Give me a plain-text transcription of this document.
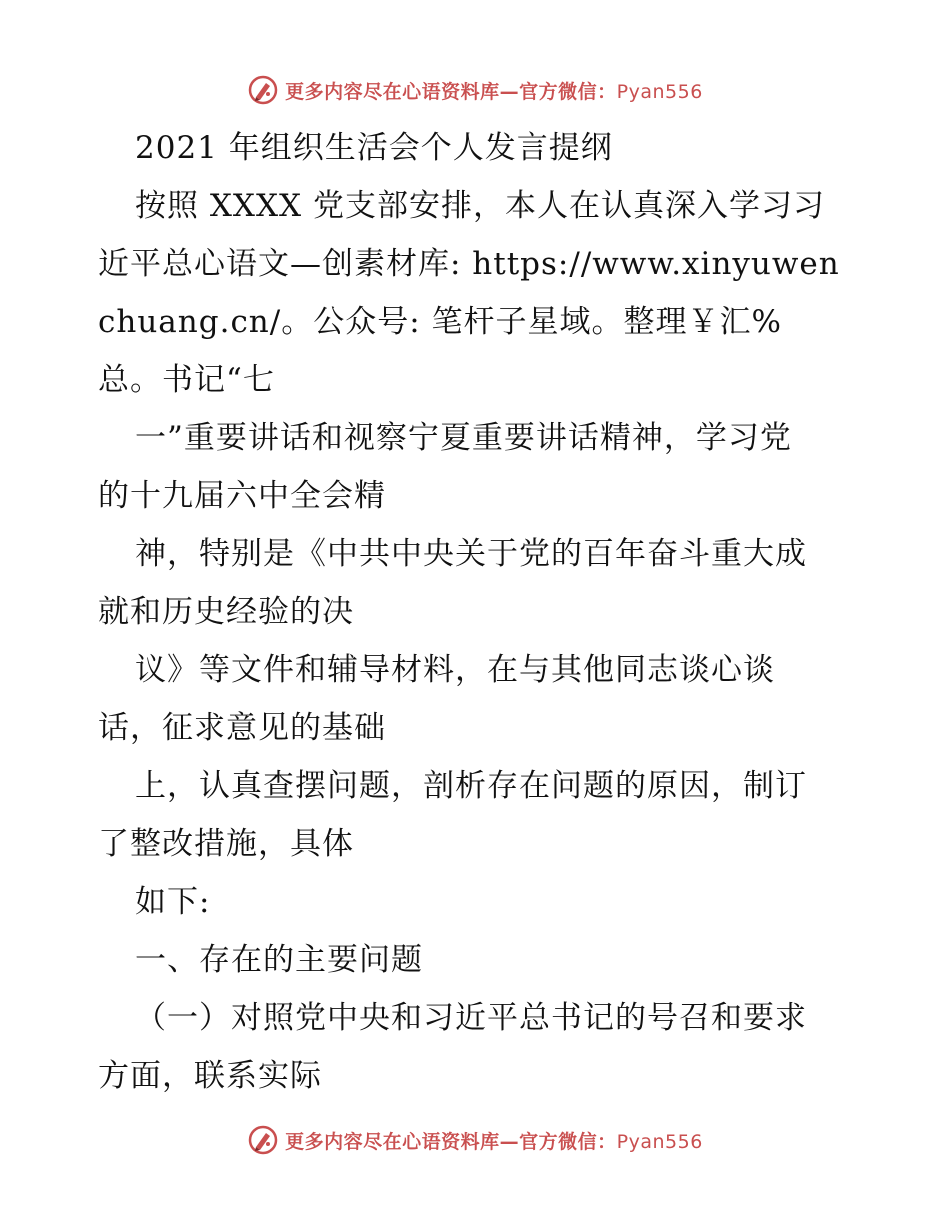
更多内容尽在心语资料库—官方微信：Pyan556
2021 年组织生活会个人发言提纲
按照 XXXX 党支部安排，本人在认真深入学习习
近平总心语文—创素材库: https://www.xinyuwen
chuang.cn/。公众号: 笔杆子星域。整理￥汇%
总。书记“七
一”重要讲话和视察宁夏重要讲话精神，学习党
的十九届六中全会精
神，特别是《中共中央关于党的百年奋斗重大成
就和历史经验的决
议》等文件和辅导材料，在与其他同志谈心谈
话，征求意见的基础
上，认真查摆问题，剖析存在问题的原因，制订
了整改措施，具体
如下:
一、存在的主要问题
（一）对照党中央和习近平总书记的号召和要求
方面，联系实际
更多内容尽在心语资料库—官方微信：Pyan556
